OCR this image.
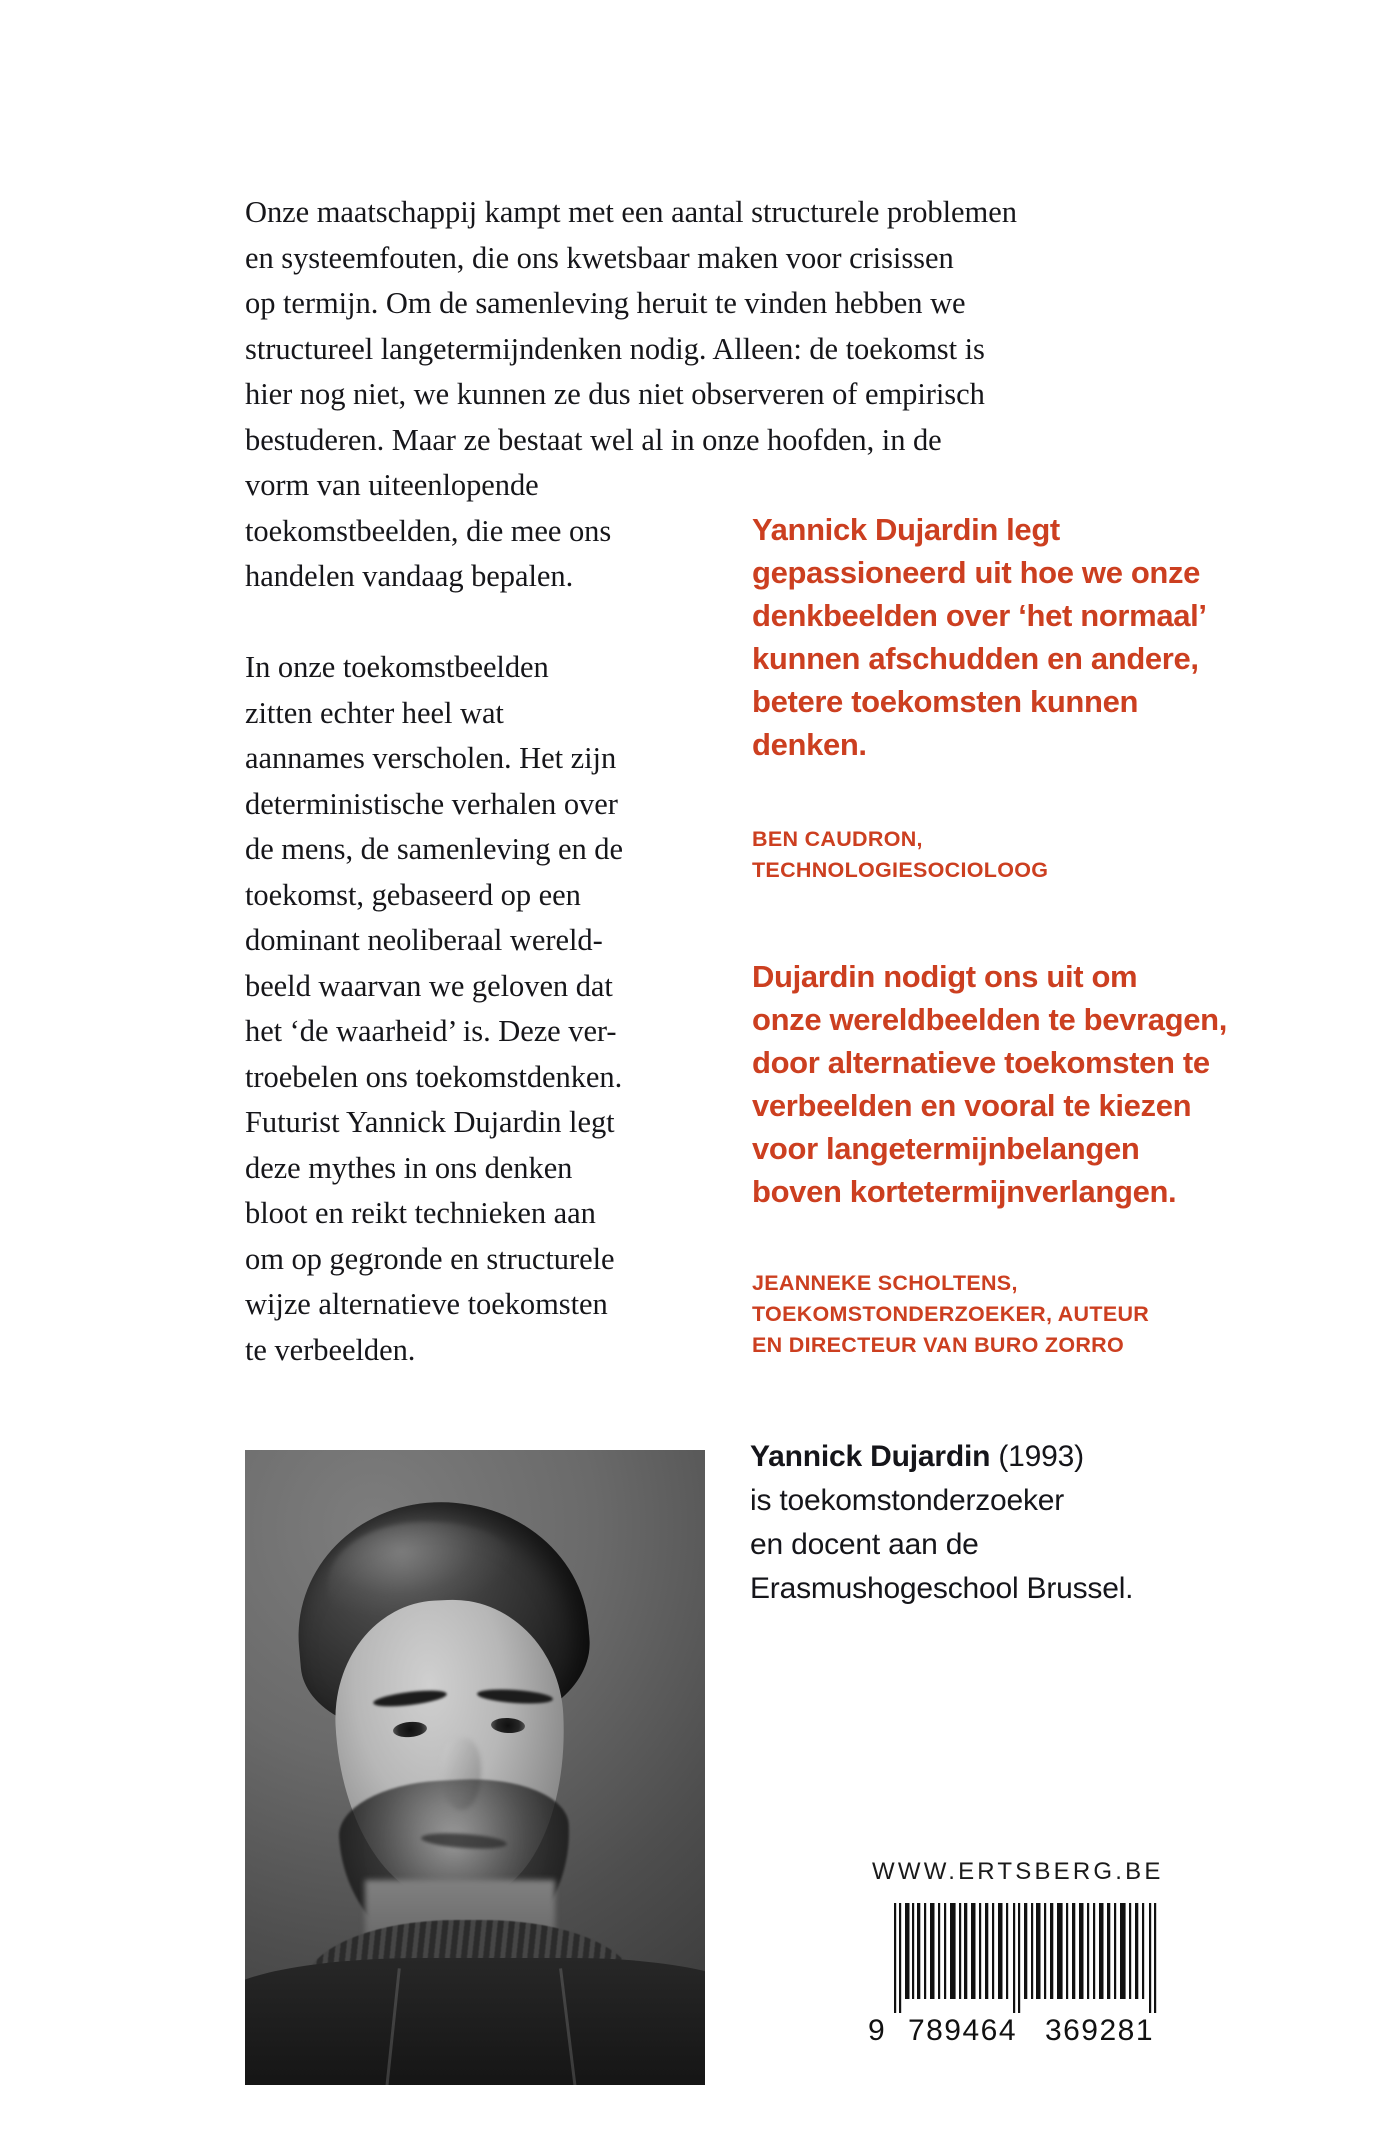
Onze maatschappij kampt met een aantal structurele problemen
en systeemfouten, die ons kwetsbaar maken voor crisissen
op termijn. Om de samenleving heruit te vinden hebben we
structureel langetermijndenken nodig. Alleen: de toekomst is
hier nog niet, we kunnen ze dus niet observeren of empirisch
bestuderen. Maar ze bestaat wel al in onze hoofden, in de
vorm van uiteenlopende
toekomstbeelden, die mee ons
handelen vandaag bepalen.
In onze toekomstbeelden
zitten echter heel wat
aannames verscholen. Het zijn
deterministische verhalen over
de mens, de samenleving en de
toekomst, gebaseerd op een
dominant neoliberaal wereld-
beeld waarvan we geloven dat
het ‘de waarheid’ is. Deze ver-
troebelen ons toekomstdenken.
Futurist Yannick Dujardin legt
deze mythes in ons denken
bloot en reikt technieken aan
om op gegronde en structurele
wijze alternatieve toekomsten
te verbeelden.
Yannick Dujardin legt
gepassioneerd uit hoe we onze
denkbeelden over ‘het normaal’
kunnen afschudden en andere,
betere toekomsten kunnen
denken.
BEN CAUDRON,
TECHNOLOGIESOCIOLOOG
Dujardin nodigt ons uit om
onze wereldbeelden te bevragen,
door alternatieve toekomsten te
verbeelden en vooral te kiezen
voor langetermijnbelangen
boven kortetermijnverlangen.
JEANNEKE SCHOLTENS,
TOEKOMSTONDERZOEKER, AUTEUR
EN DIRECTEUR VAN BURO ZORRO
Yannick Dujardin (1993)
is toekomstonderzoeker
en docent aan de
Erasmushogeschool Brussel.
WWW.ERTSBERG.BE
9 789464 369281
